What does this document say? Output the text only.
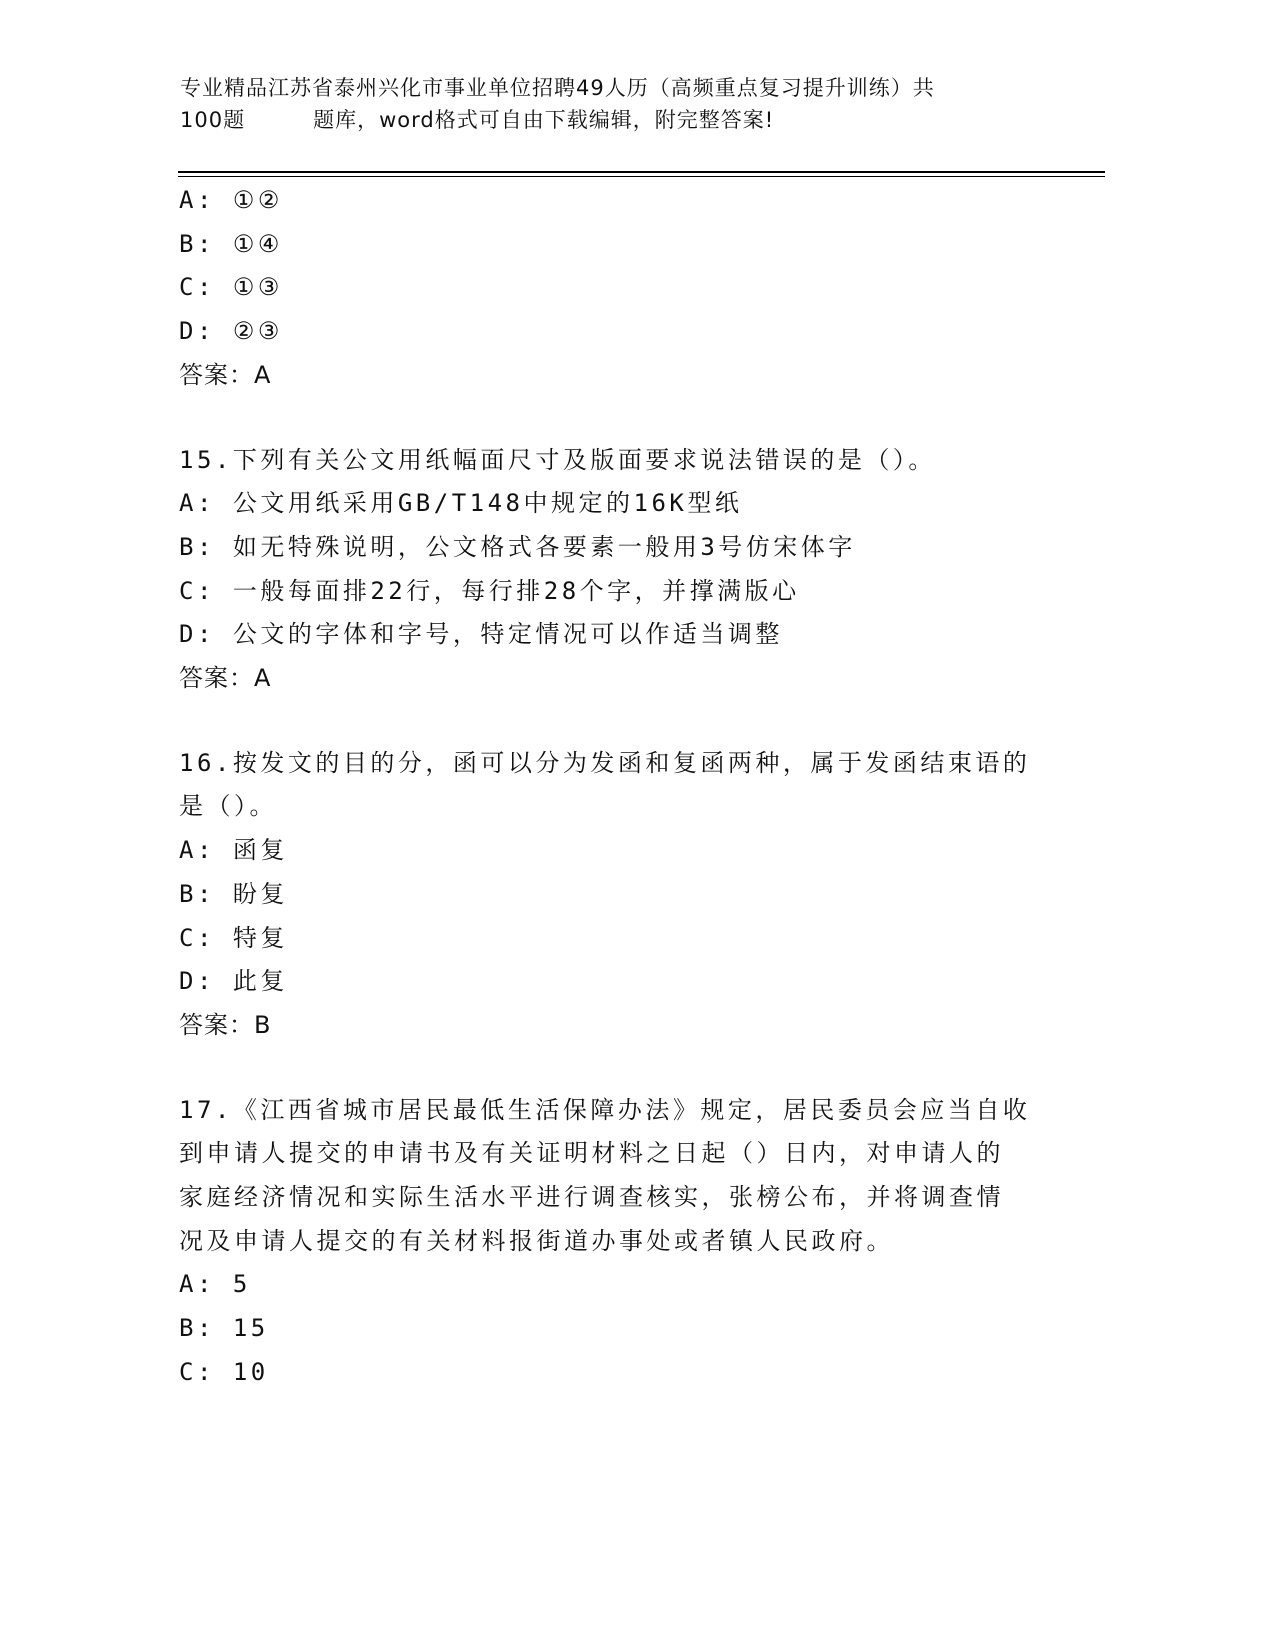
专业精品江苏省泰州兴化市事业单位招聘49人历（高频重点复习提升训练）共
100题	题库，word格式可自由下载编辑，附完整答案!
A: ①②
B: ①④
C: ①③
D: ②③
答案：A
15.下列有关公文用纸幅面尺寸及版面要求说法错误的是（）。
A: 公文用纸采用GB/T148中规定的16K型纸
B: 如无特殊说明，公文格式各要素一般用3号仿宋体字
C: 一般每面排22行，每行排28个字，并撑满版心
D: 公文的字体和字号，特定情况可以作适当调整
答案：A
16.按发文的目的分，函可以分为发函和复函两种，属于发函结束语的
是（）。
A: 函复
B: 盼复
C: 特复
D: 此复
答案：B
17.《江西省城市居民最低生活保障办法》规定，居民委员会应当自收
到申请人提交的申请书及有关证明材料之日起（）日内，对申请人的
家庭经济情况和实际生活水平进行调查核实，张榜公布，并将调查情
况及申请人提交的有关材料报街道办事处或者镇人民政府。
A: 5
B: 15
C: 10
